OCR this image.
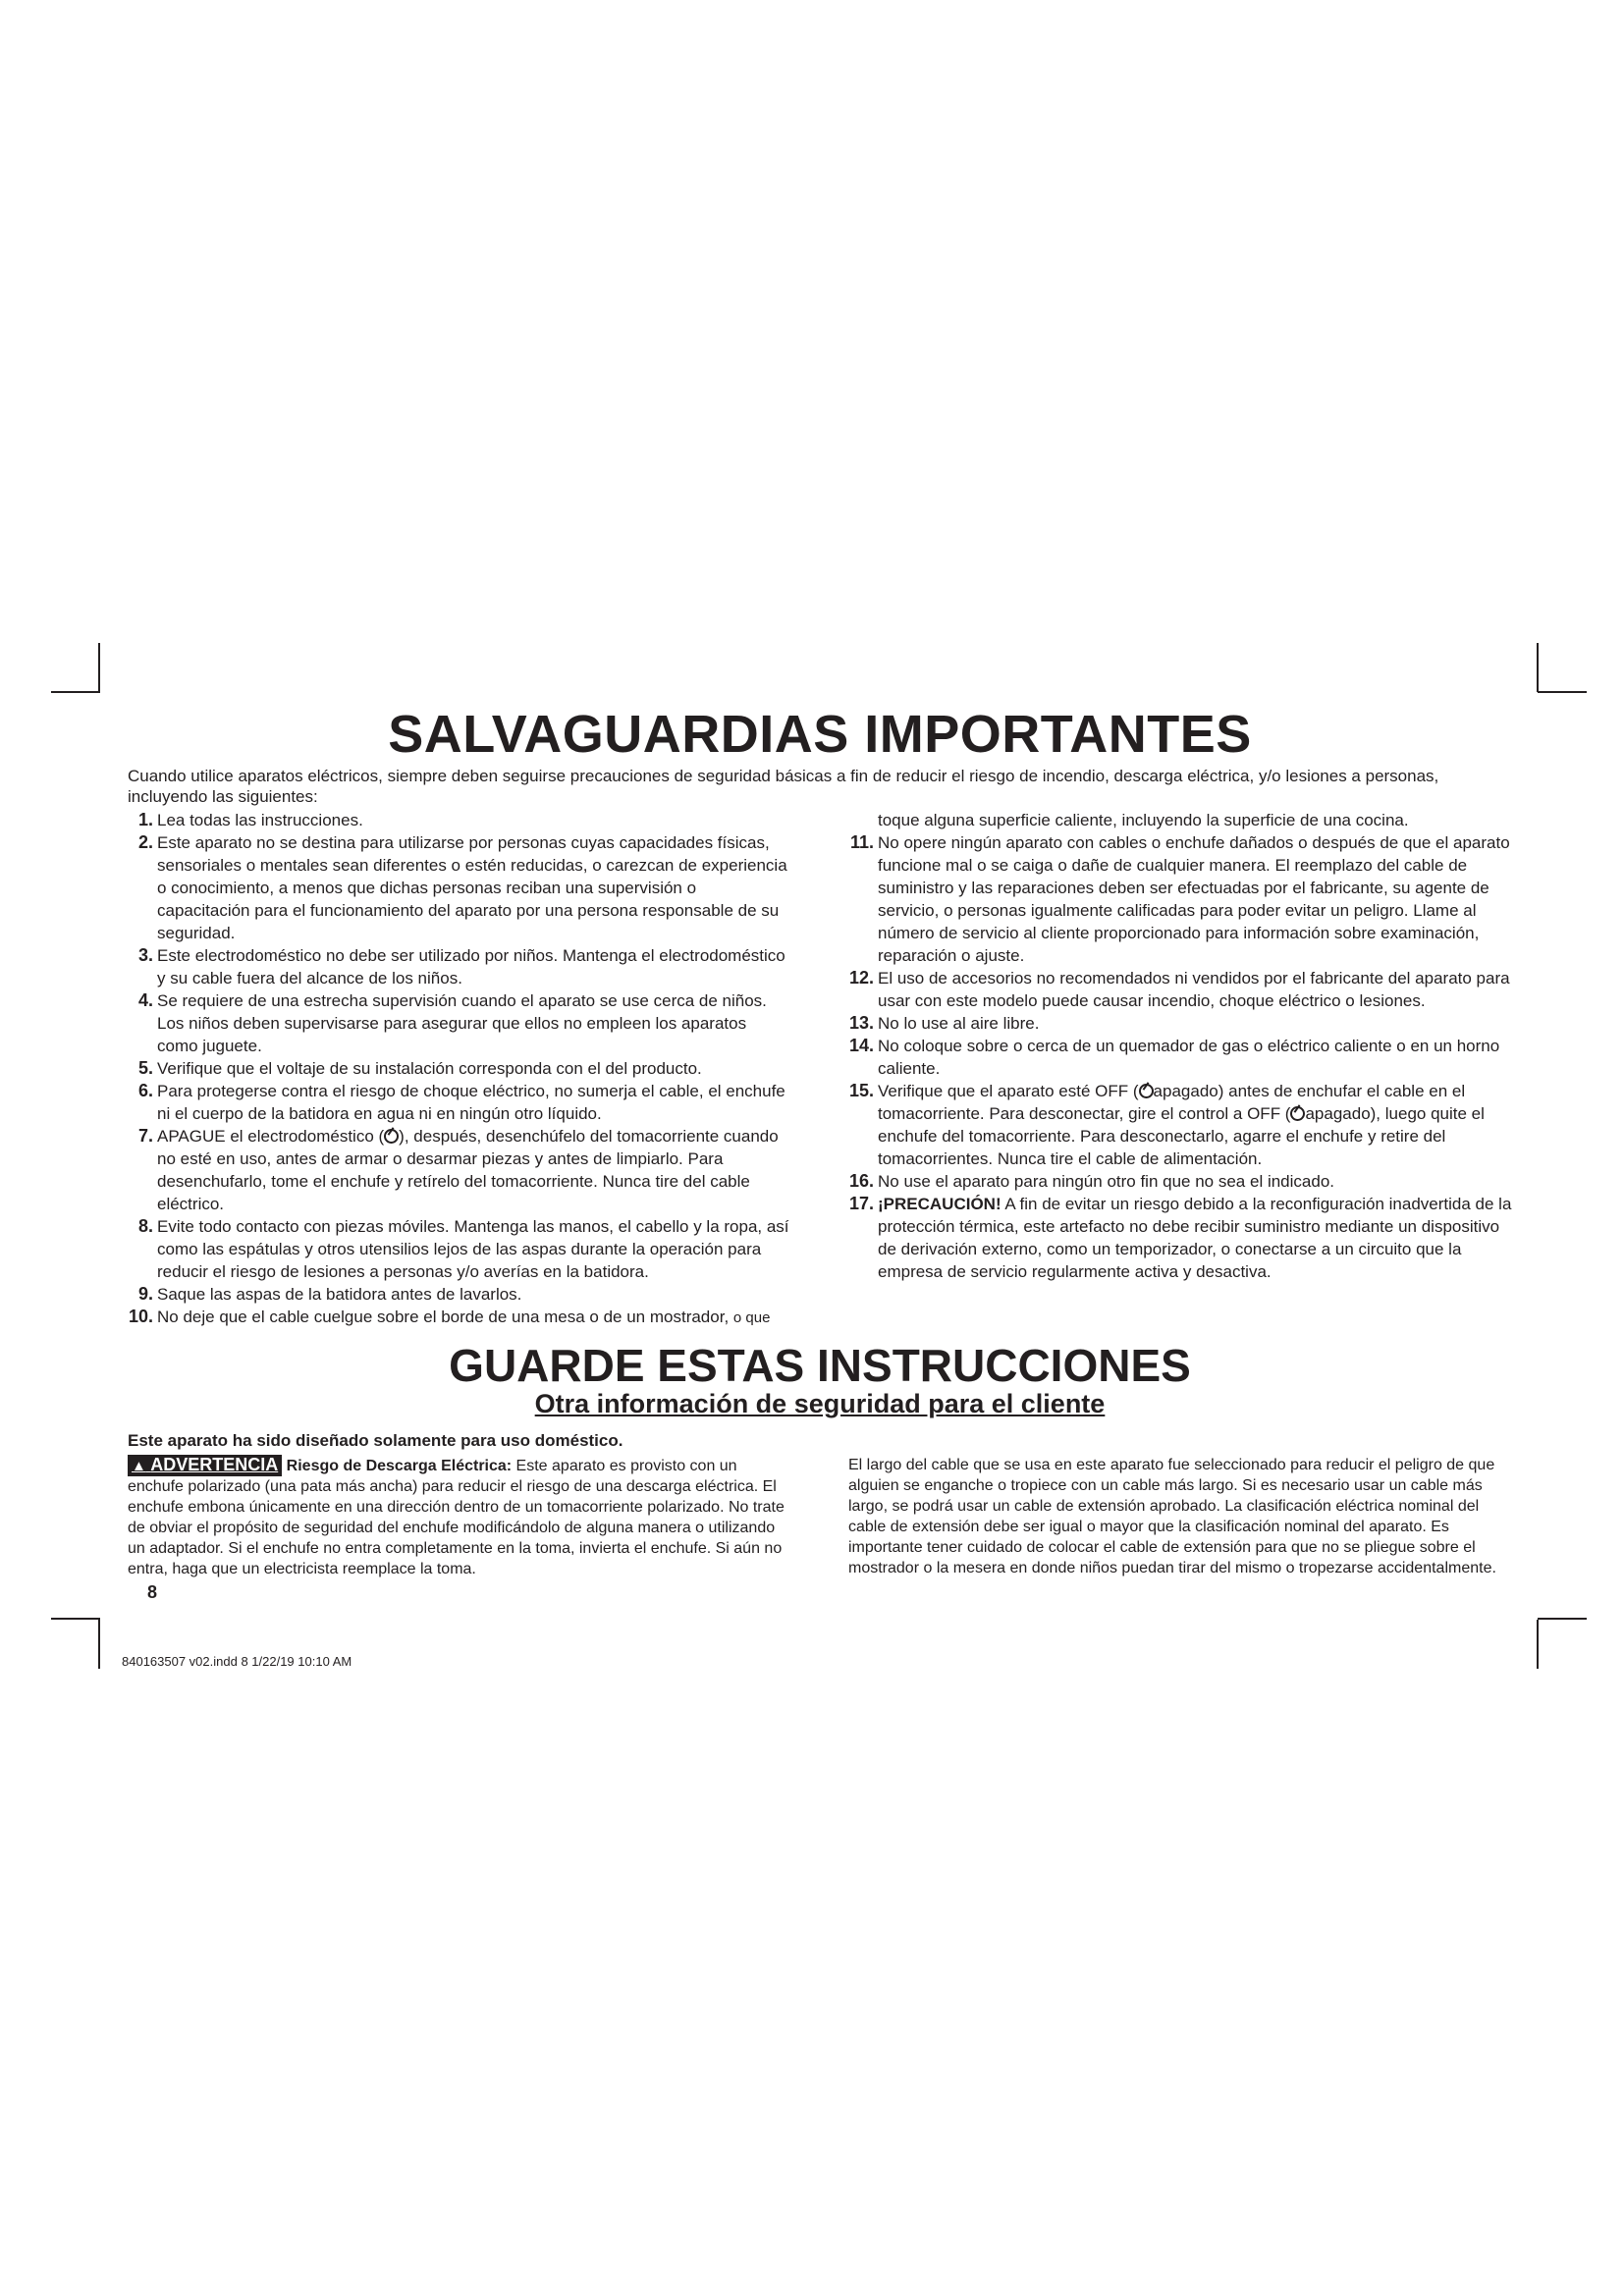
SALVAGUARDIAS IMPORTANTES
Cuando utilice aparatos eléctricos, siempre deben seguirse precauciones de seguridad básicas a fin de reducir el riesgo de incendio, descarga eléctrica, y/o lesiones a personas, incluyendo las siguientes:
1. Lea todas las instrucciones.
2. Este aparato no se destina para utilizarse por personas cuyas capacidades físicas, sensoriales o mentales sean diferentes o estén reducidas, o carezcan de experiencia o conocimiento, a menos que dichas personas reciban una supervisión o capacitación para el funcionamiento del aparato por una persona responsable de su seguridad.
3. Este electrodoméstico no debe ser utilizado por niños. Mantenga el electrodoméstico y su cable fuera del alcance de los niños.
4. Se requiere de una estrecha supervisión cuando el aparato se use cerca de niños. Los niños deben supervisarse para asegurar que ellos no empleen los aparatos como juguete.
5. Verifique que el voltaje de su instalación corresponda con el del producto.
6. Para protegerse contra el riesgo de choque eléctrico, no sumerja el cable, el enchufe ni el cuerpo de la batidora en agua ni en ningún otro líquido.
7. APAGUE el electrodoméstico ( ), después, desenchúfelo del tomacorriente cuando no esté en uso, antes de armar o desarmar piezas y antes de limpiarlo. Para desenchufarlo, tome el enchufe y retírelo del tomacorriente. Nunca tire del cable eléctrico.
8. Evite todo contacto con piezas móviles. Mantenga las manos, el cabello y la ropa, así como las espátulas y otros utensilios lejos de las aspas durante la operación para reducir el riesgo de lesiones a personas y/o averías en la batidora.
9. Saque las aspas de la batidora antes de lavarlos.
10. No deje que el cable cuelgue sobre el borde de una mesa o de un mostrador, o que
toque alguna superficie caliente, incluyendo la superficie de una cocina.
11. No opere ningún aparato con cables o enchufe dañados o después de que el aparato funcione mal o se caiga o dañe de cualquier manera. El reemplazo del cable de suministro y las reparaciones deben ser efectuadas por el fabricante, su agente de servicio, o personas igualmente calificadas para poder evitar un peligro. Llame al número de servicio al cliente proporcionado para información sobre examinación, reparación o ajuste.
12. El uso de accesorios no recomendados ni vendidos por el fabricante del aparato para usar con este modelo puede causar incendio, choque eléctrico o lesiones.
13. No lo use al aire libre.
14. No coloque sobre o cerca de un quemador de gas o eléctrico caliente o en un horno caliente.
15. Verifique que el aparato esté OFF ( apagado) antes de enchufar el cable en el tomacorriente. Para desconectar, gire el control a OFF ( apagado), luego quite el enchufe del tomacorriente. Para desconectarlo, agarre el enchufe y retire del tomacorrientes. Nunca tire el cable de alimentación.
16. No use el aparato para ningún otro fin que no sea el indicado.
17. ¡PRECAUCIÓN! A fin de evitar un riesgo debido a la reconfiguración inadvertida de la protección térmica, este artefacto no debe recibir suministro mediante un dispositivo de derivación externo, como un temporizador, o conectarse a un circuito que la empresa de servicio regularmente activa y desactiva.
GUARDE ESTAS INSTRUCCIONES
Otra información de seguridad para el cliente
Este aparato ha sido diseñado solamente para uso doméstico.
▲ ADVERTENCIA Riesgo de Descarga Eléctrica: Este aparato es provisto con un enchufe polarizado (una pata más ancha) para reducir el riesgo de una descarga eléctrica. El enchufe embona únicamente en una dirección dentro de un tomacorriente polarizado. No trate de obviar el propósito de seguridad del enchufe modificándolo de alguna manera o utilizando un adaptador. Si el enchufe no entra completamente en la toma, invierta el enchufe. Si aún no entra, haga que un electricista reemplace la toma.
El largo del cable que se usa en este aparato fue seleccionado para reducir el peligro de que alguien se enganche o tropiece con un cable más largo. Si es necesario usar un cable más largo, se podrá usar un cable de extensión aprobado. La clasificación eléctrica nominal del cable de extensión debe ser igual o mayor que la clasificación nominal del aparato. Es importante tener cuidado de colocar el cable de extensión para que no se pliegue sobre el mostrador o la mesera en donde niños puedan tirar del mismo o tropezarse accidentalmente.
8
840163507 v02.indd 8 1/22/19 10:10 AM
